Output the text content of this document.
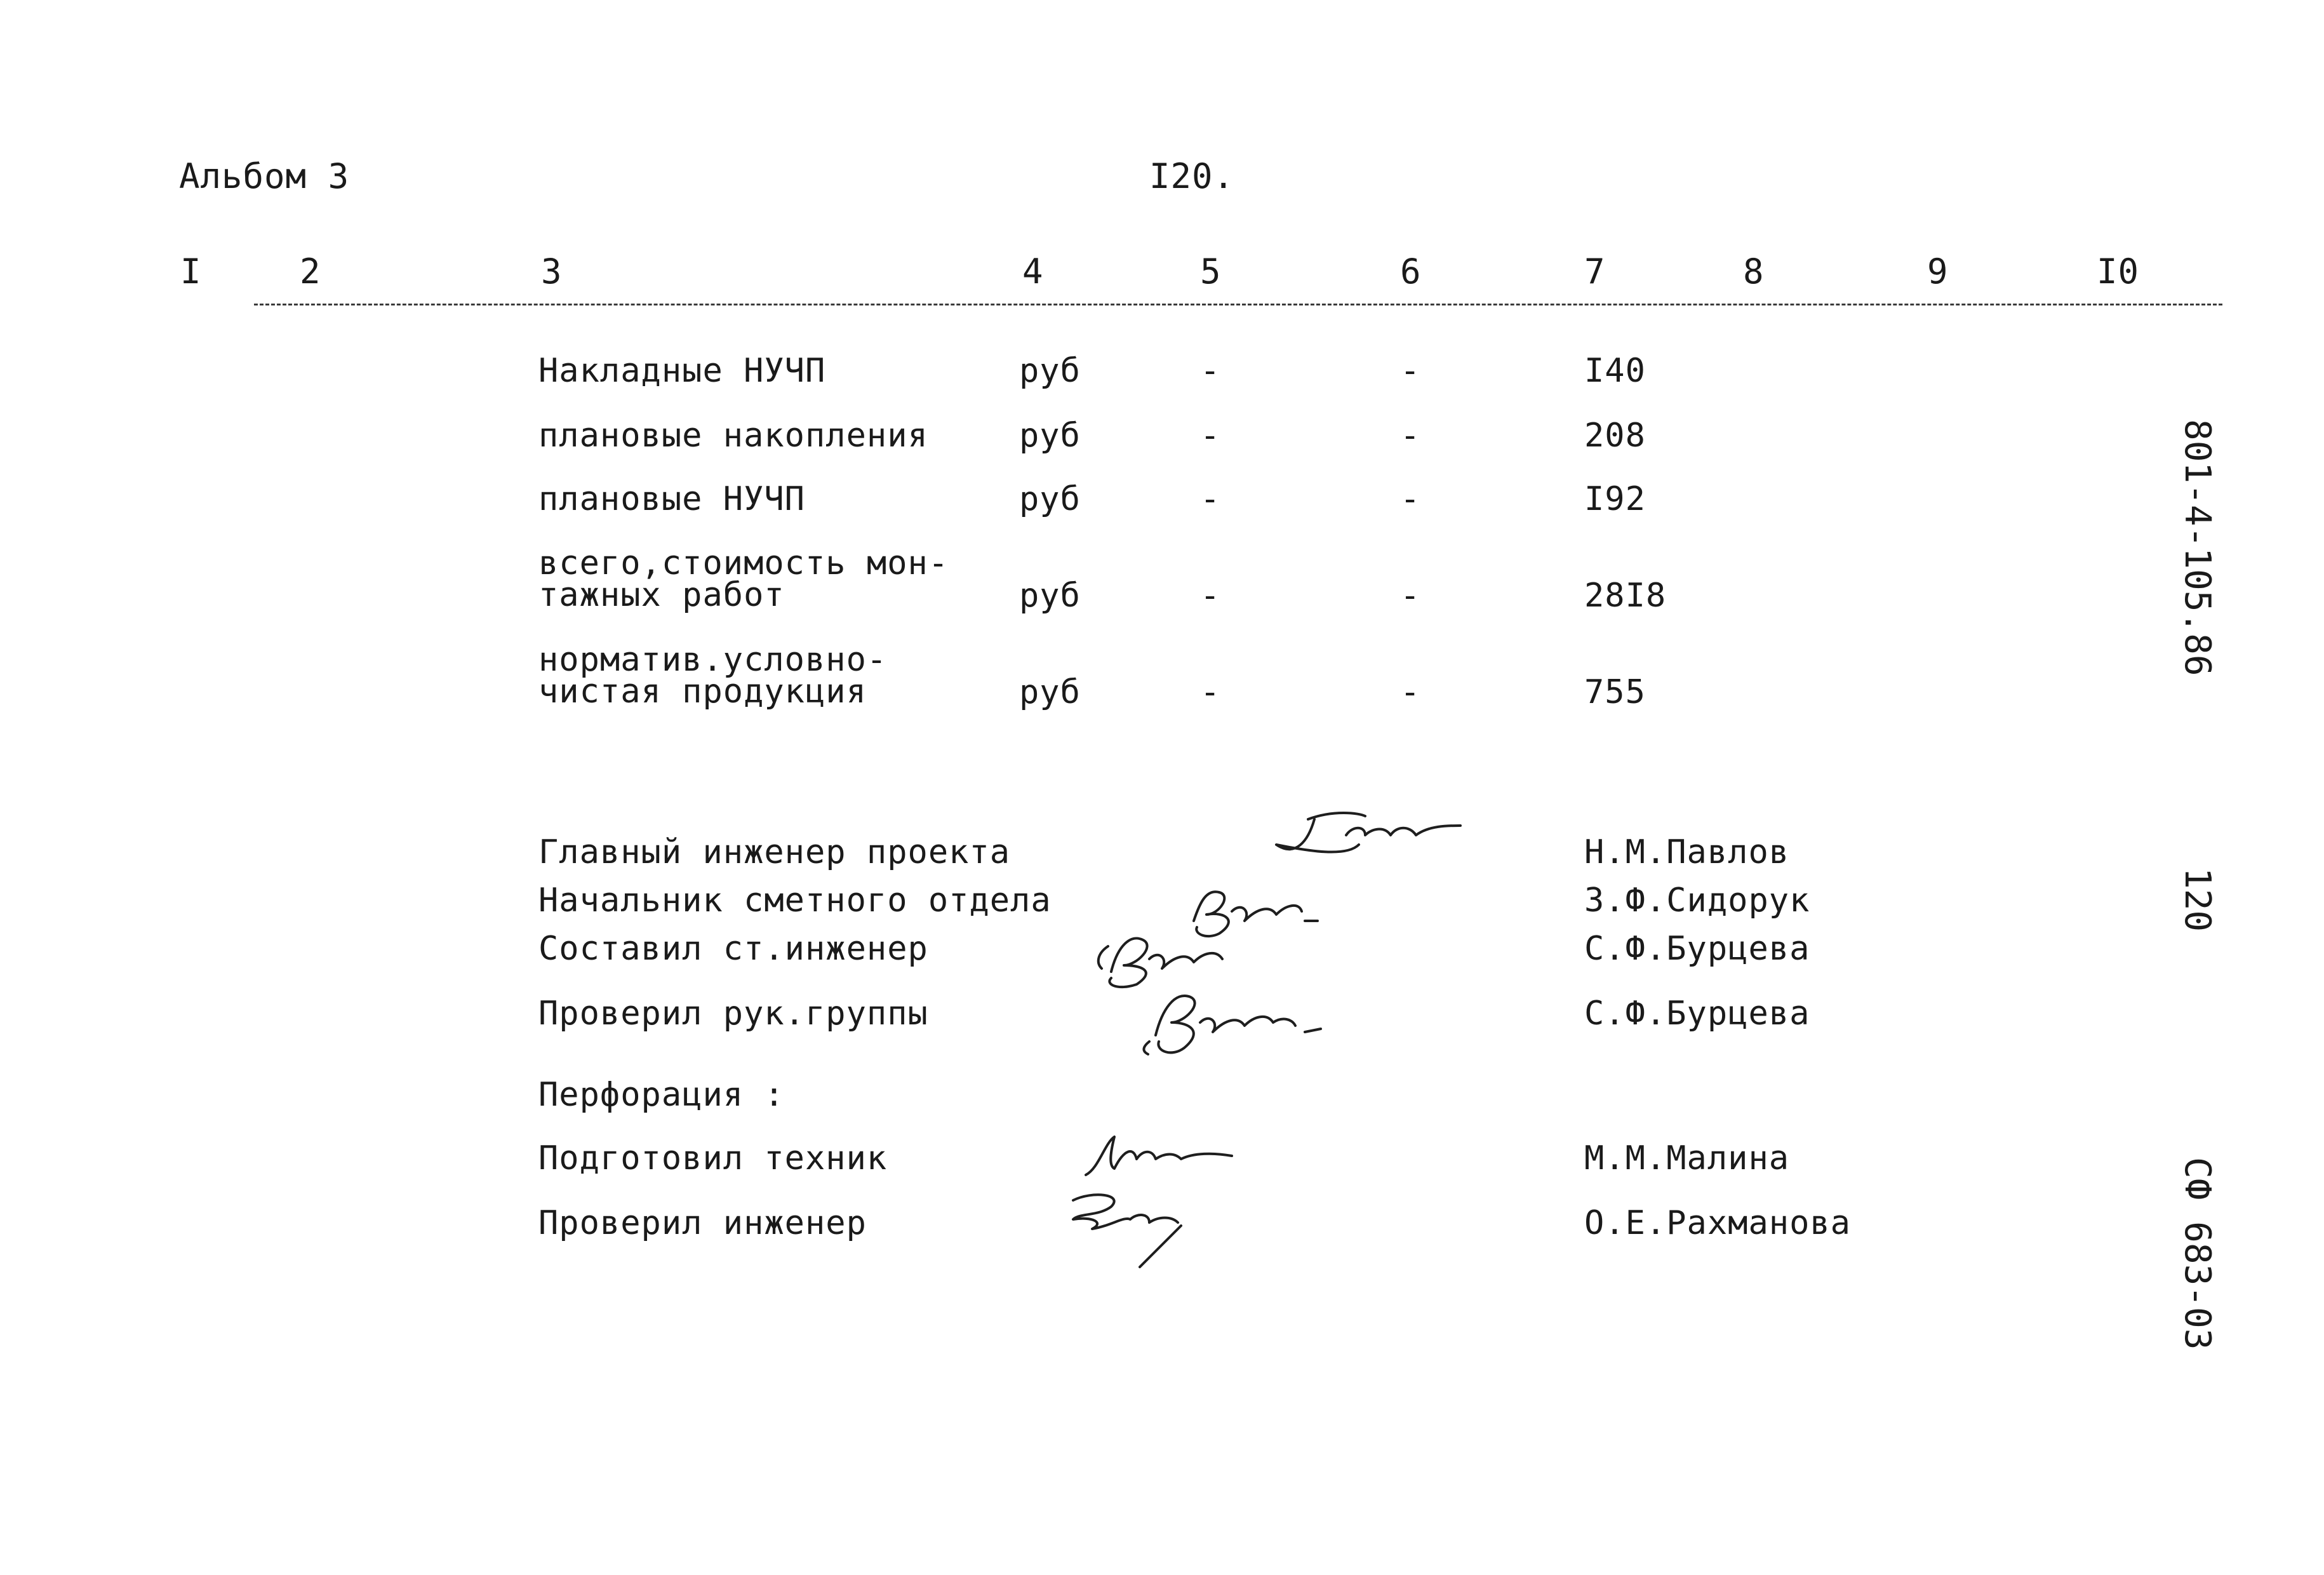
Альбом 3	I20.
I	2	3	4	5	6	7	8	9	I0
Накладные НУЧП	руб	-	-	I40
плановые накопления	руб	-	-	208
плановые НУЧП	руб	-	-	I92
всего,стоимость мон-
тажных работ	руб	-	-	28I8
норматив.условно-
чистая продукция	руб	-	-	755
Главный инженер проекта	Н.М.Павлов
Начальник сметного отдела	З.Ф.Сидорук
Составил ст.инженер	С.Ф.Бурцева
Проверил рук.группы	С.Ф.Бурцева
Перфорация :
Подготовил техник	М.М.Малина
Проверил инженер	О.Е.Рахманова
801-4-105.86
120
СФ 683-03
